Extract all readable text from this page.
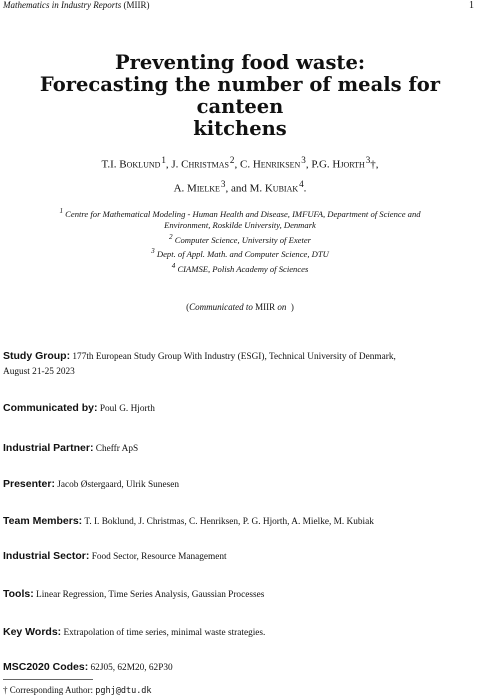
Mathematics in Industry Reports (MIIR)	1
Preventing food waste:
Forecasting the number of meals for canteen
kitchens
T.I. Boklund $^1$, J. Christmas $^2$, C. Henriksen $^3$, P.G. Hjorth $^3$†,
A. Mielke $^3$, and M. Kubiak $^4$.
$^1$ Centre for Mathematical Modeling - Human Health and Disease, IMFUFA, Department of Science and
Environment, Roskilde University, Denmark
$^2$ Computer Science, University of Exeter
$^3$ Dept. of Appl. Math. and Computer Science, DTU
$^4$ CIAMSE, Polish Academy of Sciences
(Communicated to MIIR on  )
Study Group: 177th European Study Group With Industry (ESGI), Technical University of Denmark,
August 21-25 2023
Communicated by: Poul G. Hjorth
Industrial Partner: Cheffr ApS
Presenter: Jacob Østergaard, Ulrik Sunesen
Team Members: T. I. Boklund, J. Christmas, C. Henriksen, P. G. Hjorth, A. Mielke, M. Kubiak
Industrial Sector: Food Sector, Resource Management
Tools: Linear Regression, Time Series Analysis, Gaussian Processes
Key Words: Extrapolation of time series, minimal waste strategies.
MSC2020 Codes: 62J05, 62M20, 62P30
† Corresponding Author: pghj@dtu.dk
